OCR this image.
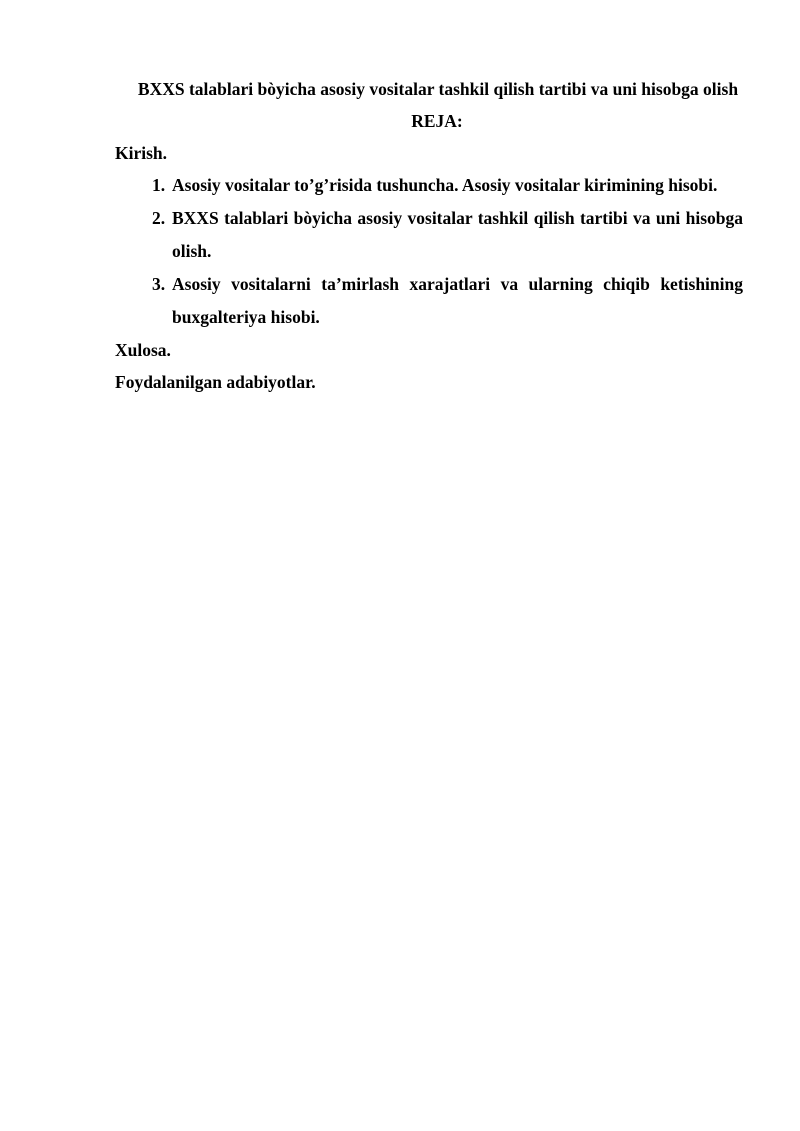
BXXS talablari bòyicha asosiy vositalar tashkil qilish tartibi va uni hisobga olish

REJA:

Kirish.

1. Asosiy vositalar to’g’risida tushuncha. Asosiy vositalar kirimining hisobi.
2. BXXS talablari bòyicha asosiy vositalar tashkil qilish tartibi va uni hisobga olish.
3. Asosiy vositalarni ta’mirlash xarajatlari va ularning chiqib ketishining buxgalteriya hisobi.

Xulosa.

Foydalanilgan adabiyotlar.
